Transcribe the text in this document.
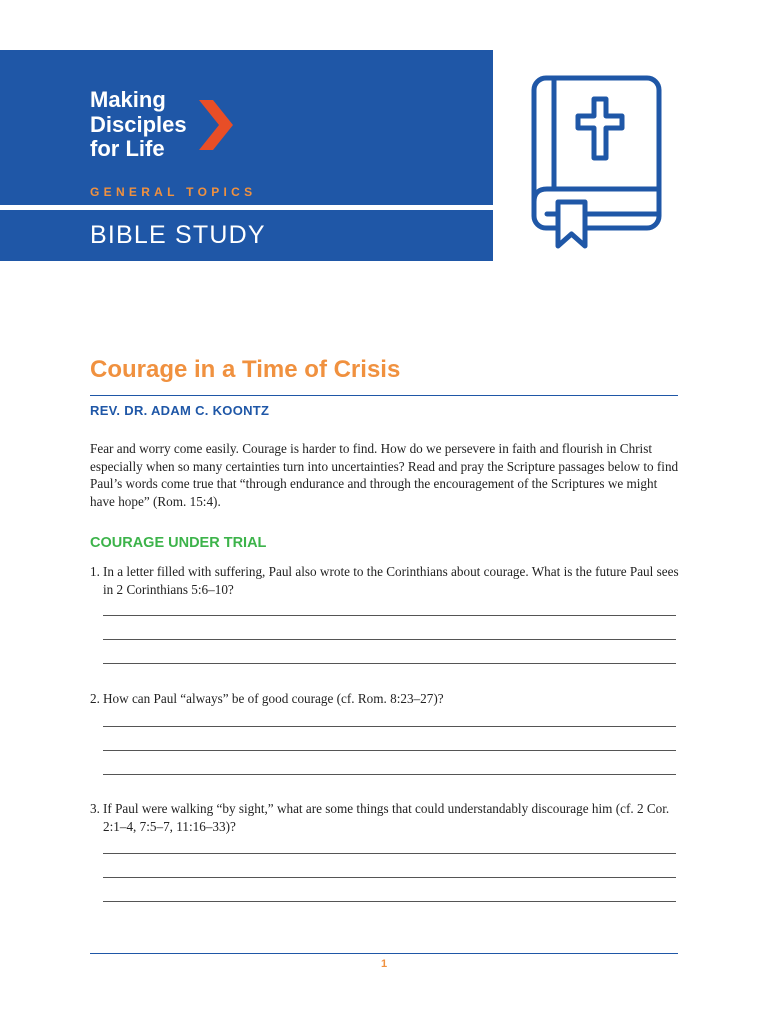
Making
Disciples
for Life
GENERAL TOPICS
BIBLE STUDY
Courage in a Time of Crisis
REV. DR. ADAM C. KOONTZ

Fear and worry come easily. Courage is harder to find. How do we persevere in faith and flourish in Christ especially when so many certainties turn into uncertainties? Read and pray the Scripture passages below to find Paul’s words come true that “through endurance and through the encouragement of the Scriptures we might have hope” (Rom. 15:4).

COURAGE UNDER TRIAL
1. In a letter filled with suffering, Paul also wrote to the Corinthians about courage. What is the future Paul sees in 2 Corinthians 5:6–10?
2. How can Paul “always” be of good courage (cf. Rom. 8:23–27)?
3. If Paul were walking “by sight,” what are some things that could understandably discourage him (cf. 2 Cor. 2:1–4, 7:5–7, 11:16–33)?
1
